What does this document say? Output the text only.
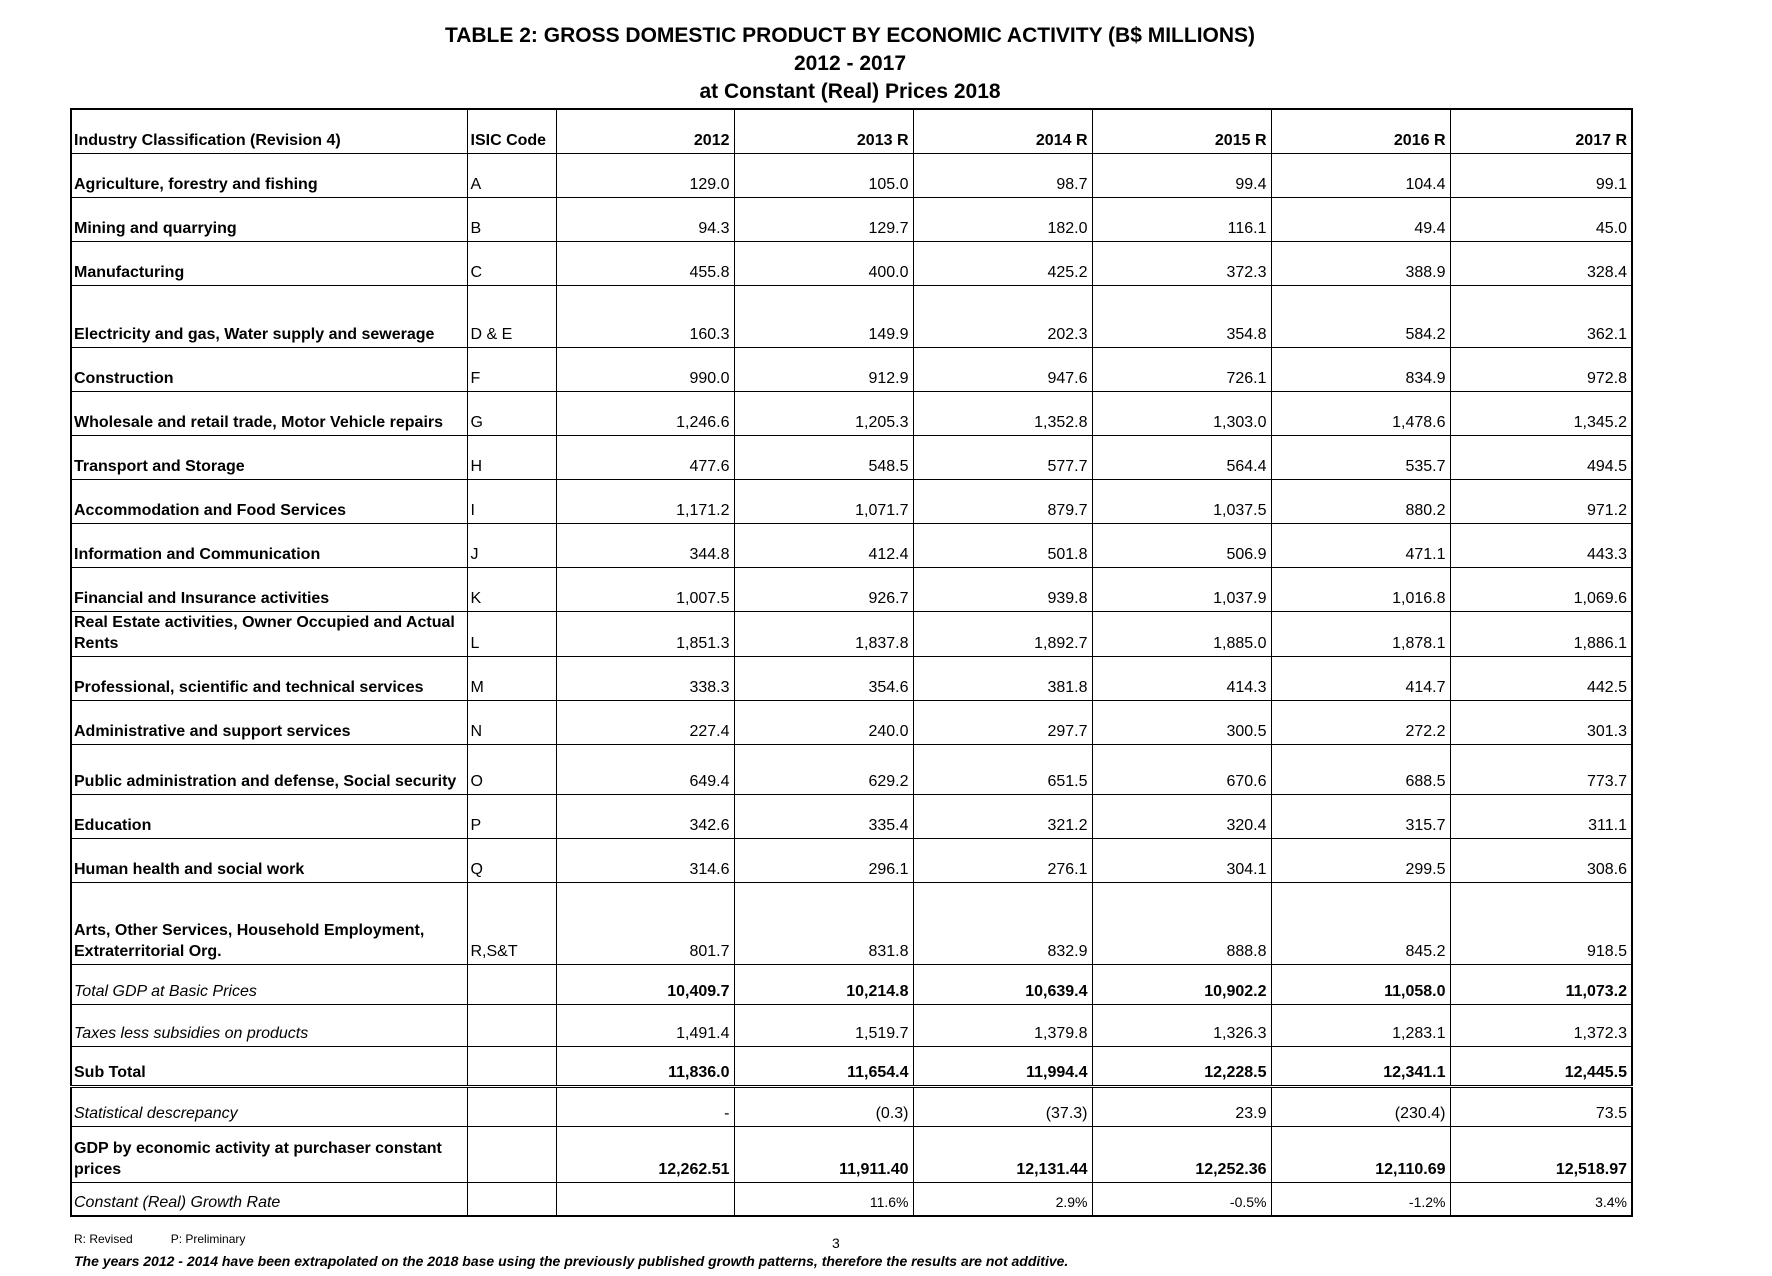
TABLE 2: GROSS DOMESTIC PRODUCT BY ECONOMIC ACTIVITY (B$ MILLIONS)
2012 - 2017
at Constant (Real) Prices 2018
Industry Classification (Revision 4)	ISIC Code	2012	2013 R	2014 R	2015 R	2016 R	2017 R
Agriculture, forestry and fishing	A	129.0	105.0	98.7	99.4	104.4	99.1
Mining and quarrying	B	94.3	129.7	182.0	116.1	49.4	45.0
Manufacturing	C	455.8	400.0	425.2	372.3	388.9	328.4
Electricity and gas, Water supply and sewerage	D & E	160.3	149.9	202.3	354.8	584.2	362.1
Construction	F	990.0	912.9	947.6	726.1	834.9	972.8
Wholesale and retail trade, Motor Vehicle repairs	G	1,246.6	1,205.3	1,352.8	1,303.0	1,478.6	1,345.2
Transport and Storage	H	477.6	548.5	577.7	564.4	535.7	494.5
Accommodation and Food Services	I	1,171.2	1,071.7	879.7	1,037.5	880.2	971.2
Information and Communication	J	344.8	412.4	501.8	506.9	471.1	443.3
Financial and Insurance activities	K	1,007.5	926.7	939.8	1,037.9	1,016.8	1,069.6

Real Estate activities, Owner Occupied and Actual
Rents	L	1,851.3	1,837.8	1,892.7	1,885.0	1,878.1	1,886.1
Professional, scientific and technical services	M	338.3	354.6	381.8	414.3	414.7	442.5
Administrative and support services	N	227.4	240.0	297.7	300.5	272.2	301.3
Public administration and defense, Social security	O	649.4	629.2	651.5	670.6	688.5	773.7
Education	P	342.6	335.4	321.2	320.4	315.7	311.1
Human health and social work	Q	314.6	296.1	276.1	304.1	299.5	308.6

Arts, Other Services, Household Employment,
Extraterritorial Org.	R,S&T	801.7	831.8	832.9	888.8	845.2	918.5
Total GDP at Basic Prices		10,409.7	10,214.8	10,639.4	10,902.2	11,058.0	11,073.2
Taxes less subsidies on products		1,491.4	1,519.7	1,379.8	1,326.3	1,283.1	1,372.3
Sub Total		11,836.0	11,654.4	11,994.4	12,228.5	12,341.1	12,445.5
Statistical descrepancy		-	(0.3)	(37.3)	23.9	(230.4)	73.5

GDP by economic activity at purchaser constant
prices		12,262.51	11,911.40	12,131.44	12,252.36	12,110.69	12,518.97
Constant (Real) Growth Rate			11.6%	2.9%	-0.5%	-1.2%	3.4%
R: Revised	P: Preliminary	3
The years 2012 - 2014 have been extrapolated on the 2018 base using the previously published growth patterns, therefore the results are not additive.
